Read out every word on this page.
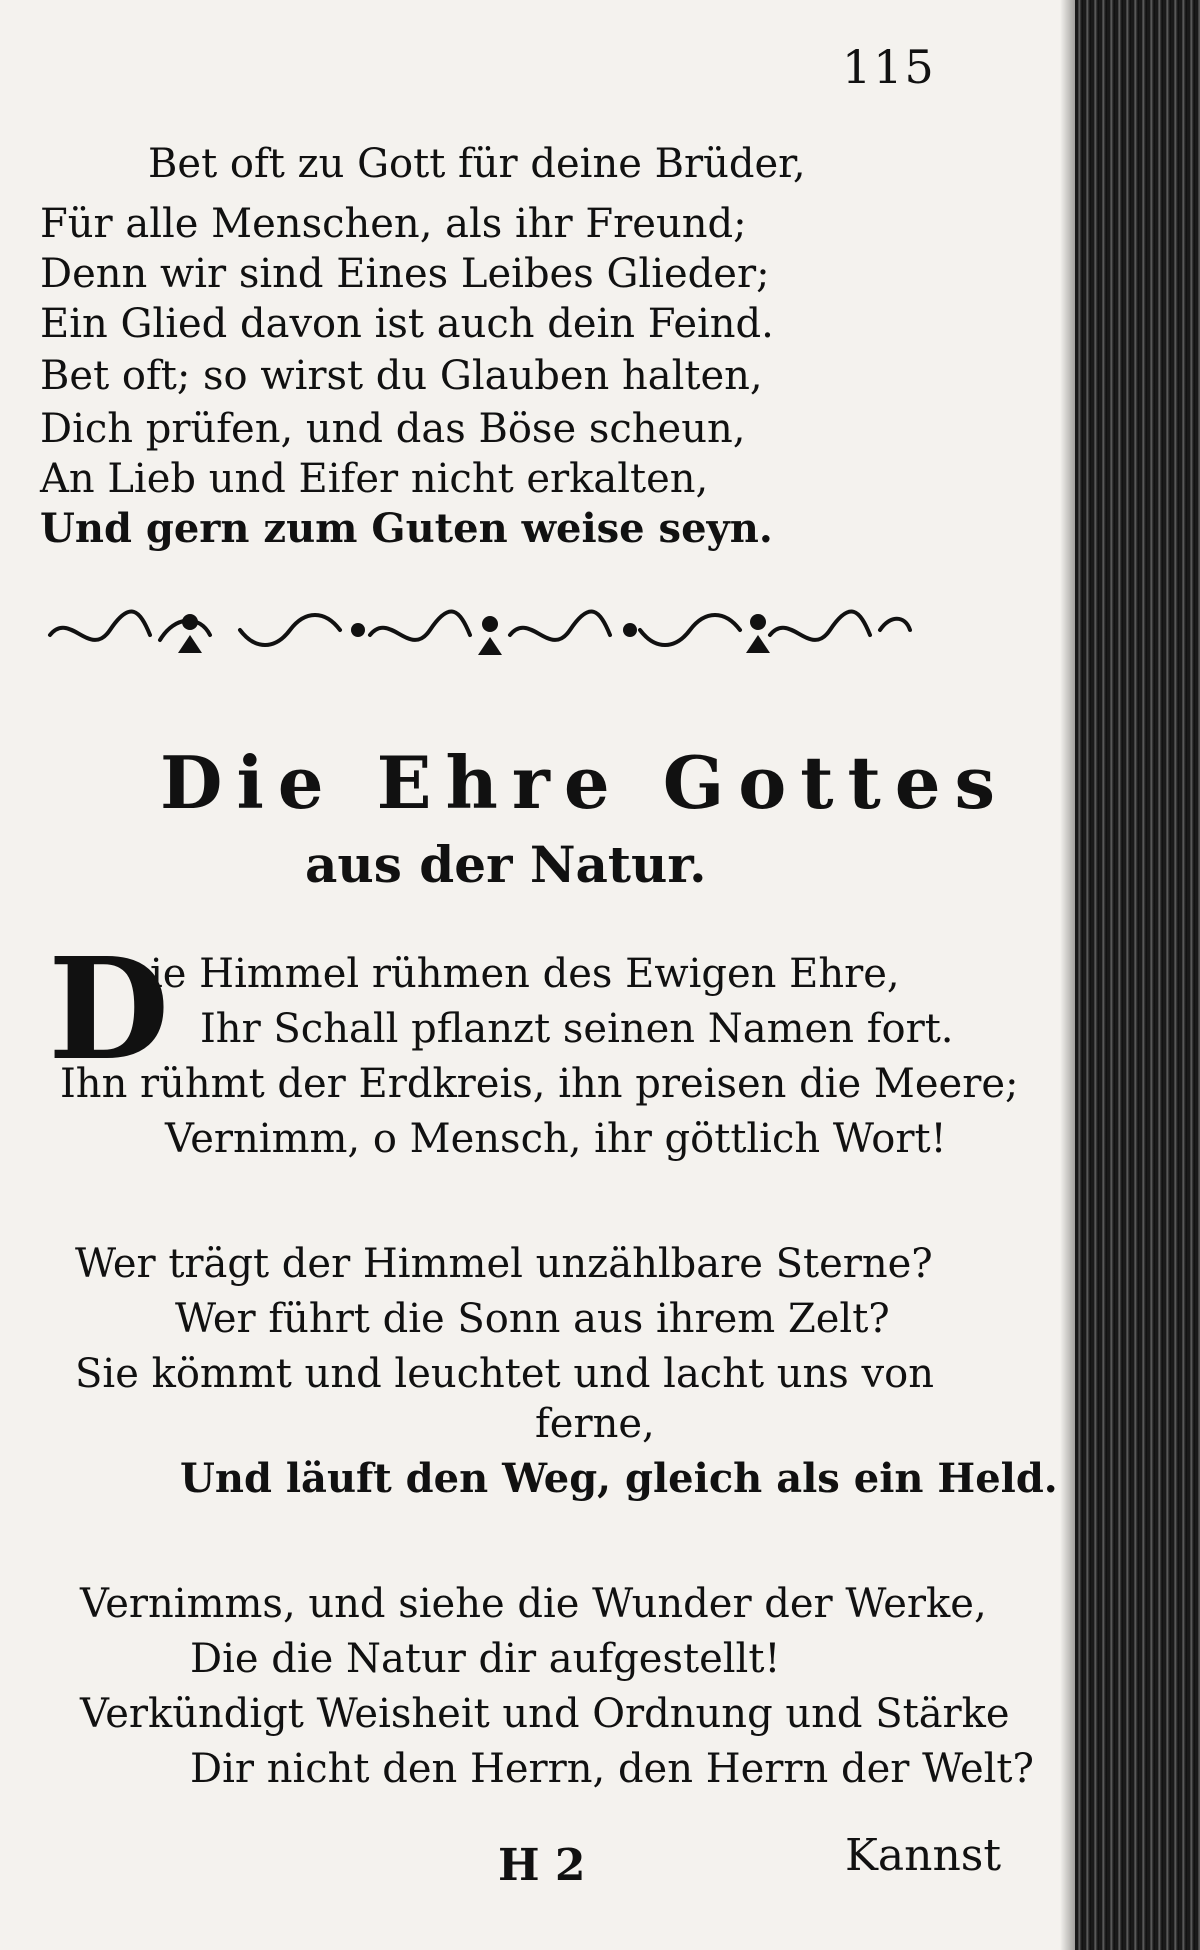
115
Bet oft zu Gott für deine Brüder,
Für alle Menschen, als ihr Freund;
Denn wir sind Eines Leibes Glieder;
Ein Glied davon ist auch dein Feind.
Bet oft; so wirst du Glauben halten,
Dich prüfen, und das Böse scheun,
An Lieb und Eifer nicht erkalten,
Und gern zum Guten weise seyn.
Die Ehre Gottes
aus der Natur.
D
ie Himmel rühmen des Ewigen Ehre,
Ihr Schall pflanzt seinen Namen fort.
Ihn rühmt der Erdkreis, ihn preisen die Meere;
Vernimm, o Mensch, ihr göttlich Wort!
Wer trägt der Himmel unzählbare Sterne?
Wer führt die Sonn aus ihrem Zelt?
Sie kömmt und leuchtet und lacht uns von
ferne,
Und läuft den Weg, gleich als ein Held.
Vernimms, und siehe die Wunder der Werke,
Die die Natur dir aufgestellt!
Verkündigt Weisheit und Ordnung und Stärke
Dir nicht den Herrn, den Herrn der Welt?
H 2	Kannst
